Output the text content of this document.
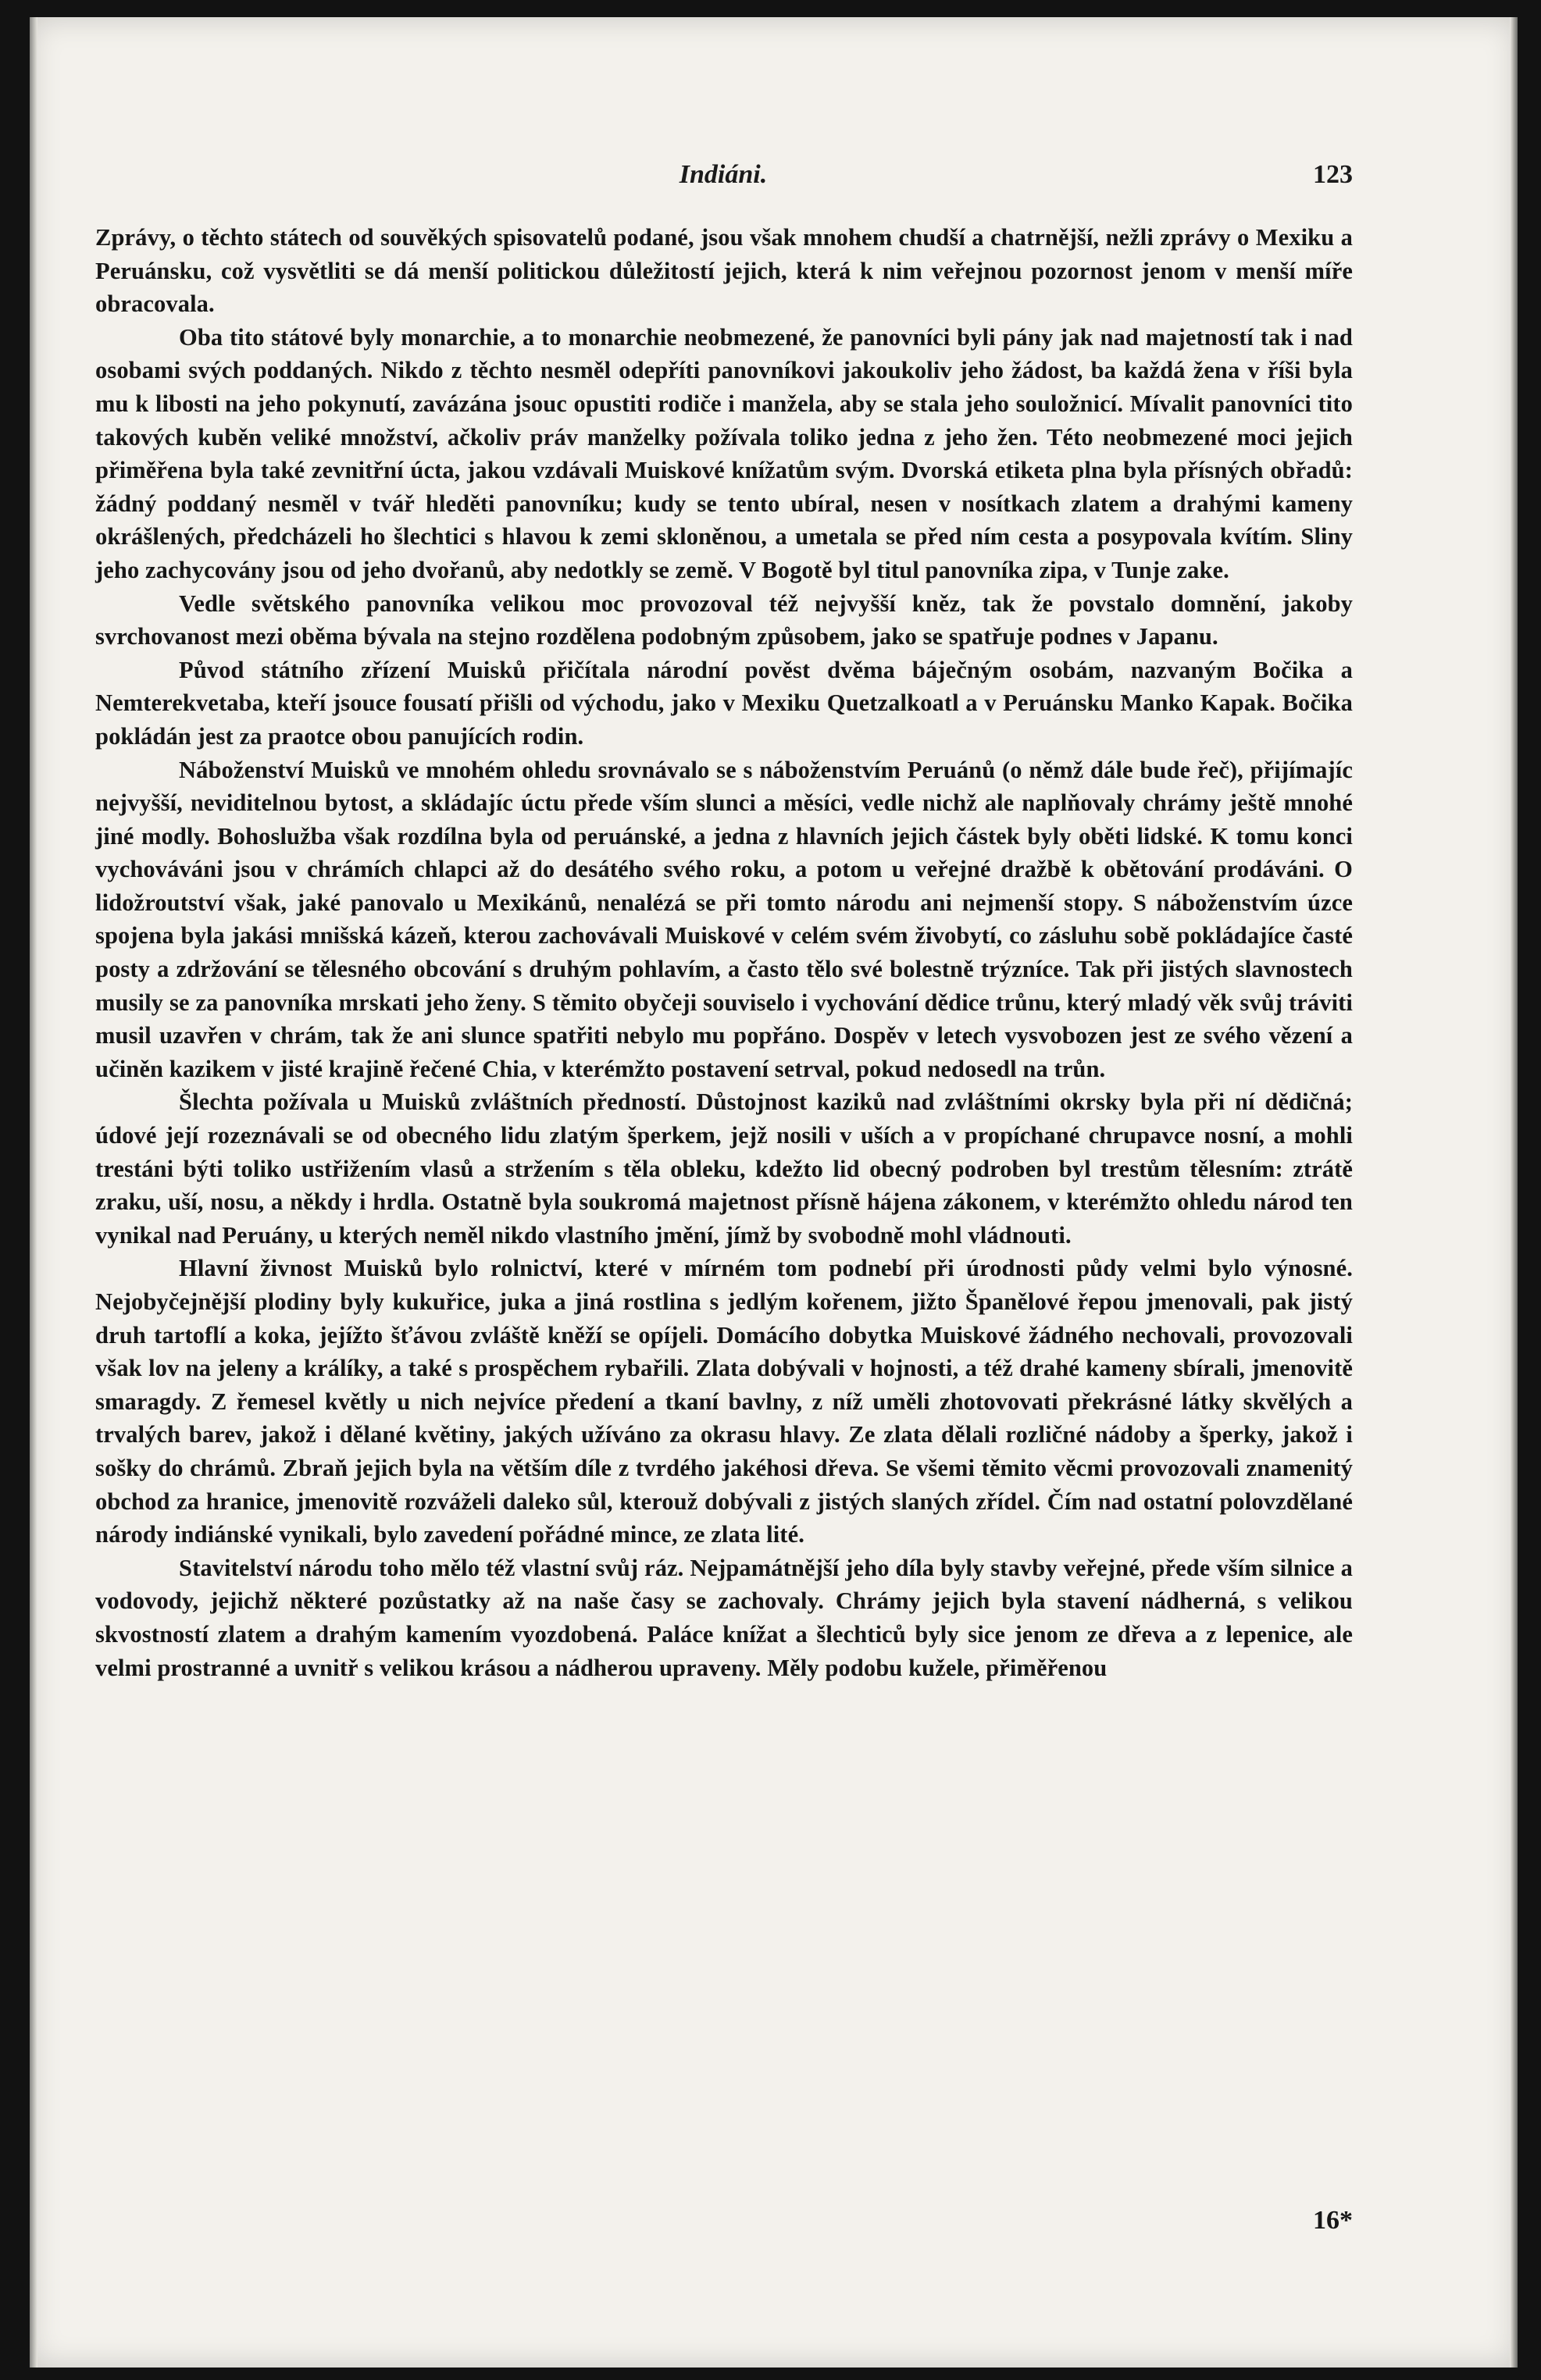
Indiáni.	123

Zprávy, o těchto státech od souvěkých spisovatelů podané, jsou však mnohem chudší a chatrnější, nežli zprávy o Mexiku a Peruánsku, což vysvětliti se dá menší politickou důležitostí jejich, která k nim veřejnou pozornost jenom v menší míře obracovala.

Oba tito státové byly monarchie, a to monarchie neobmezené, že panovníci byli pány jak nad majetností tak i nad osobami svých poddaných. Nikdo z těchto nesměl odepříti panovníkovi jakoukoliv jeho žádost, ba každá žena v říši byla mu k libosti na jeho pokynutí, zavázána jsouc opustiti rodiče i manžela, aby se stala jeho souložnicí. Mívalit panovníci tito takových kuběn veliké množství, ačkoliv práv manželky požívala toliko jedna z jeho žen. Této neobmezené moci jejich přiměřena byla také zevnitřní úcta, jakou vzdávali Muiskové knížatům svým. Dvorská etiketa plna byla přísných obřadů: žádný poddaný nesměl v tvář hleděti panovníku; kudy se tento ubíral, nesen v nosítkach zlatem a drahými kameny okrášlených, předcházeli ho šlechtici s hlavou k zemi skloněnou, a umetala se před ním cesta a posypovala kvítím. Sliny jeho zachycovány jsou od jeho dvořanů, aby nedotkly se země. V Bogotě byl titul panovníka zipa, v Tunje zake.

Vedle světského panovníka velikou moc provozoval též nejvyšší kněz, tak že povstalo domnění, jakoby svrchovanost mezi oběma bývala na stejno rozdělena podobným způsobem, jako se spatřuje podnes v Japanu.

Původ státního zřízení Muisků přičítala národní pověst dvěma báječným osobám, nazvaným Bočika a Nemterekvetaba, kteří jsouce fousatí přišli od východu, jako v Mexiku Quetzalkoatl a v Peruánsku Manko Kapak. Bočika pokládán jest za praotce obou panujících rodin.

Náboženství Muisků ve mnohém ohledu srovnávalo se s náboženstvím Peruánů (o němž dále bude řeč), přijímajíc nejvyšší, neviditelnou bytost, a skládajíc úctu přede vším slunci a měsíci, vedle nichž ale naplňovaly chrámy ještě mnohé jiné modly. Bohoslužba však rozdílna byla od peruánské, a jedna z hlavních jejich částek byly oběti lidské. K tomu konci vychováváni jsou v chrámích chlapci až do desátého svého roku, a potom u veřejné dražbě k obětování prodáváni. O lidožroutství však, jaké panovalo u Mexikánů, nenalézá se při tomto národu ani nejmenší stopy. S náboženstvím úzce spojena byla jakási mnišská kázeň, kterou zachovávali Muiskové v celém svém živobytí, co zásluhu sobě pokládajíce časté posty a zdržování se tělesného obcování s druhým pohlavím, a často tělo své bolestně trýzníce. Tak při jistých slavnostech musily se za panovníka mrskati jeho ženy. S těmito obyčeji souviselo i vychování dědice trůnu, který mladý věk svůj tráviti musil uzavřen v chrám, tak že ani slunce spatřiti nebylo mu popřáno. Dospěv v letech vysvobozen jest ze svého vězení a učiněn kazikem v jisté krajině řečené Chia, v kterémžto postavení setrval, pokud nedosedl na trůn.

Šlechta požívala u Muisků zvláštních předností. Důstojnost kaziků nad zvláštními okrsky byla při ní dědičná; údové její rozeznávali se od obecného lidu zlatým šperkem, jejž nosili v uších a v propíchané chrupavce nosní, a mohli trestáni býti toliko ustřižením vlasů a stržením s těla obleku, kdežto lid obecný podroben byl trestům tělesním: ztrátě zraku, uší, nosu, a někdy i hrdla. Ostatně byla soukromá majetnost přísně hájena zákonem, v kterémžto ohledu národ ten vynikal nad Peruány, u kterých neměl nikdo vlastního jmění, jímž by svobodně mohl vládnouti.

Hlavní živnost Muisků bylo rolnictví, které v mírném tom podnebí při úrodnosti půdy velmi bylo výnosné. Nejobyčejnější plodiny byly kukuřice, juka a jiná rostlina s jedlým kořenem, jižto Španělové řepou jmenovali, pak jistý druh tartoflí a koka, jejížto šťávou zvláště kněží se opíjeli. Domácího dobytka Muiskové žádného nechovali, provozovali však lov na jeleny a králíky, a také s prospěchem rybařili. Zlata dobývali v hojnosti, a též drahé kameny sbírali, jmenovitě smaragdy. Z řemesel květly u nich nejvíce předení a tkaní bavlny, z níž uměli zhotovovati překrásné látky skvělých a trvalých barev, jakož i dělané květiny, jakých užíváno za okrasu hlavy. Ze zlata dělali rozličné nádoby a šperky, jakož i sošky do chrámů. Zbraň jejich byla na větším díle z tvrdého jakéhosi dřeva. Se všemi těmito věcmi provozovali znamenitý obchod za hranice, jmenovitě rozváželi daleko sůl, kterouž dobývali z jistých slaných zřídel. Čím nad ostatní polovzdělané národy indiánské vynikali, bylo zavedení pořádné mince, ze zlata lité.

Stavitelství národu toho mělo též vlastní svůj ráz. Nejpamátnější jeho díla byly stavby veřejné, přede vším silnice a vodovody, jejichž některé pozůstatky až na naše časy se zachovaly. Chrámy jejich byla stavení nádherná, s velikou skvostností zlatem a drahým kamením vyozdobená. Paláce knížat a šlechticů byly sice jenom ze dřeva a z lepenice, ale velmi prostranné a uvnitř s velikou krásou a nádherou upraveny. Měly podobu kužele, přiměřenou

16*
